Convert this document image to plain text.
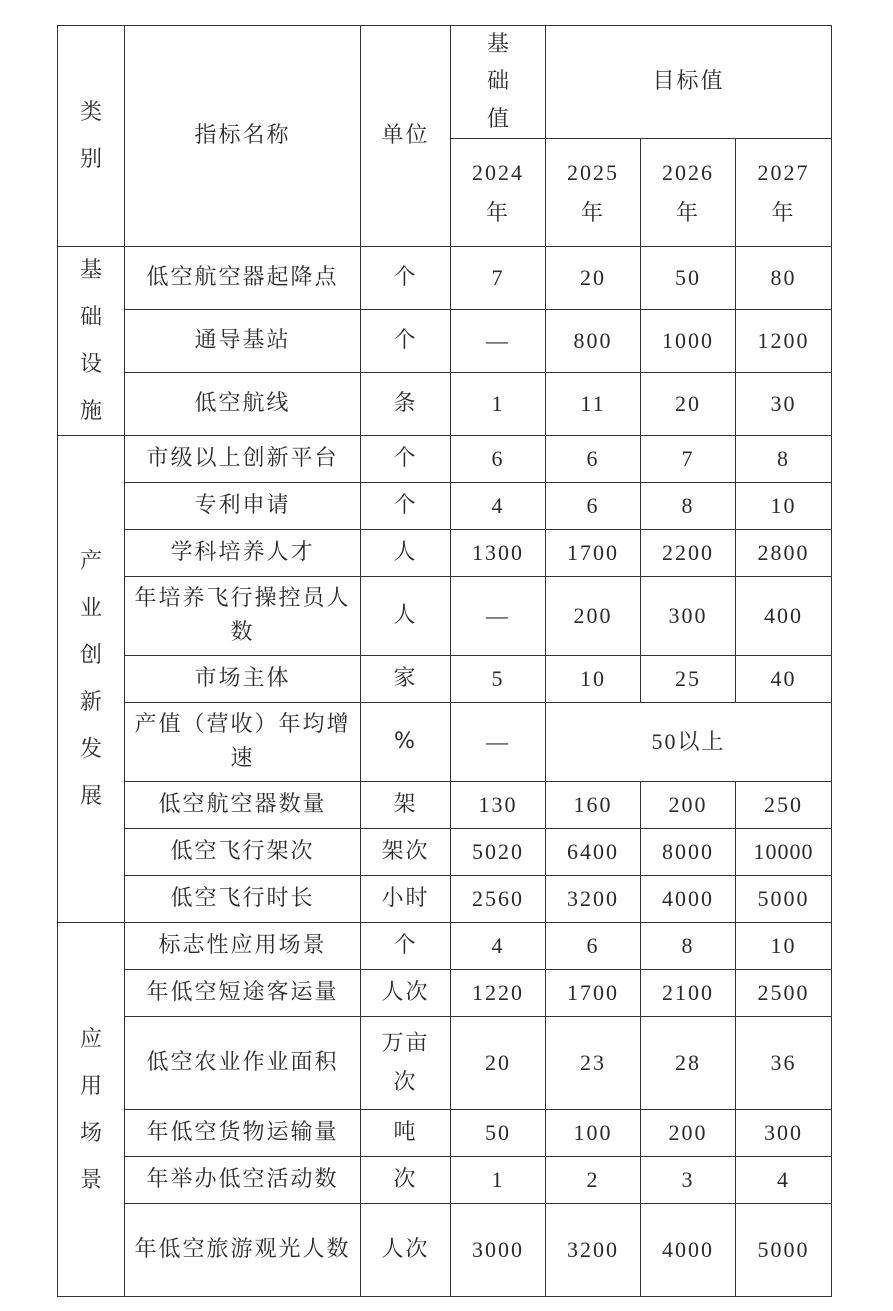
类别	指标名称	单位	基础值	目标值		
			2024年	2025年	2026年	2027年
基础设施	低空航空器起降点	个	7	20	50	80
	通导基站	个	—	800	1000	1200
	低空航线	条	1	11	20	30
产业创新发展	市级以上创新平台	个	6	6	7	8
	专利申请	个	4	6	8	10
	学科培养人才	人	1300	1700	2200	2800
	年培养飞行操控员人数	人	—	200	300	400
	市场主体	家	5	10	25	40
	产值（营收）年均增速	%	—	50以上		
	低空航空器数量	架	130	160	200	250
	低空飞行架次	架次	5020	6400	8000	10000
	低空飞行时长	小时	2560	3200	4000	5000
应用场景	标志性应用场景	个	4	6	8	10
	年低空短途客运量	人次	1220	1700	2100	2500
	低空农业作业面积	万亩次	20	23	28	36
	年低空货物运输量	吨	50	100	200	300
	年举办低空活动数	次	1	2	3	4
	年低空旅游观光人数	人次	3000	3200	4000	5000
